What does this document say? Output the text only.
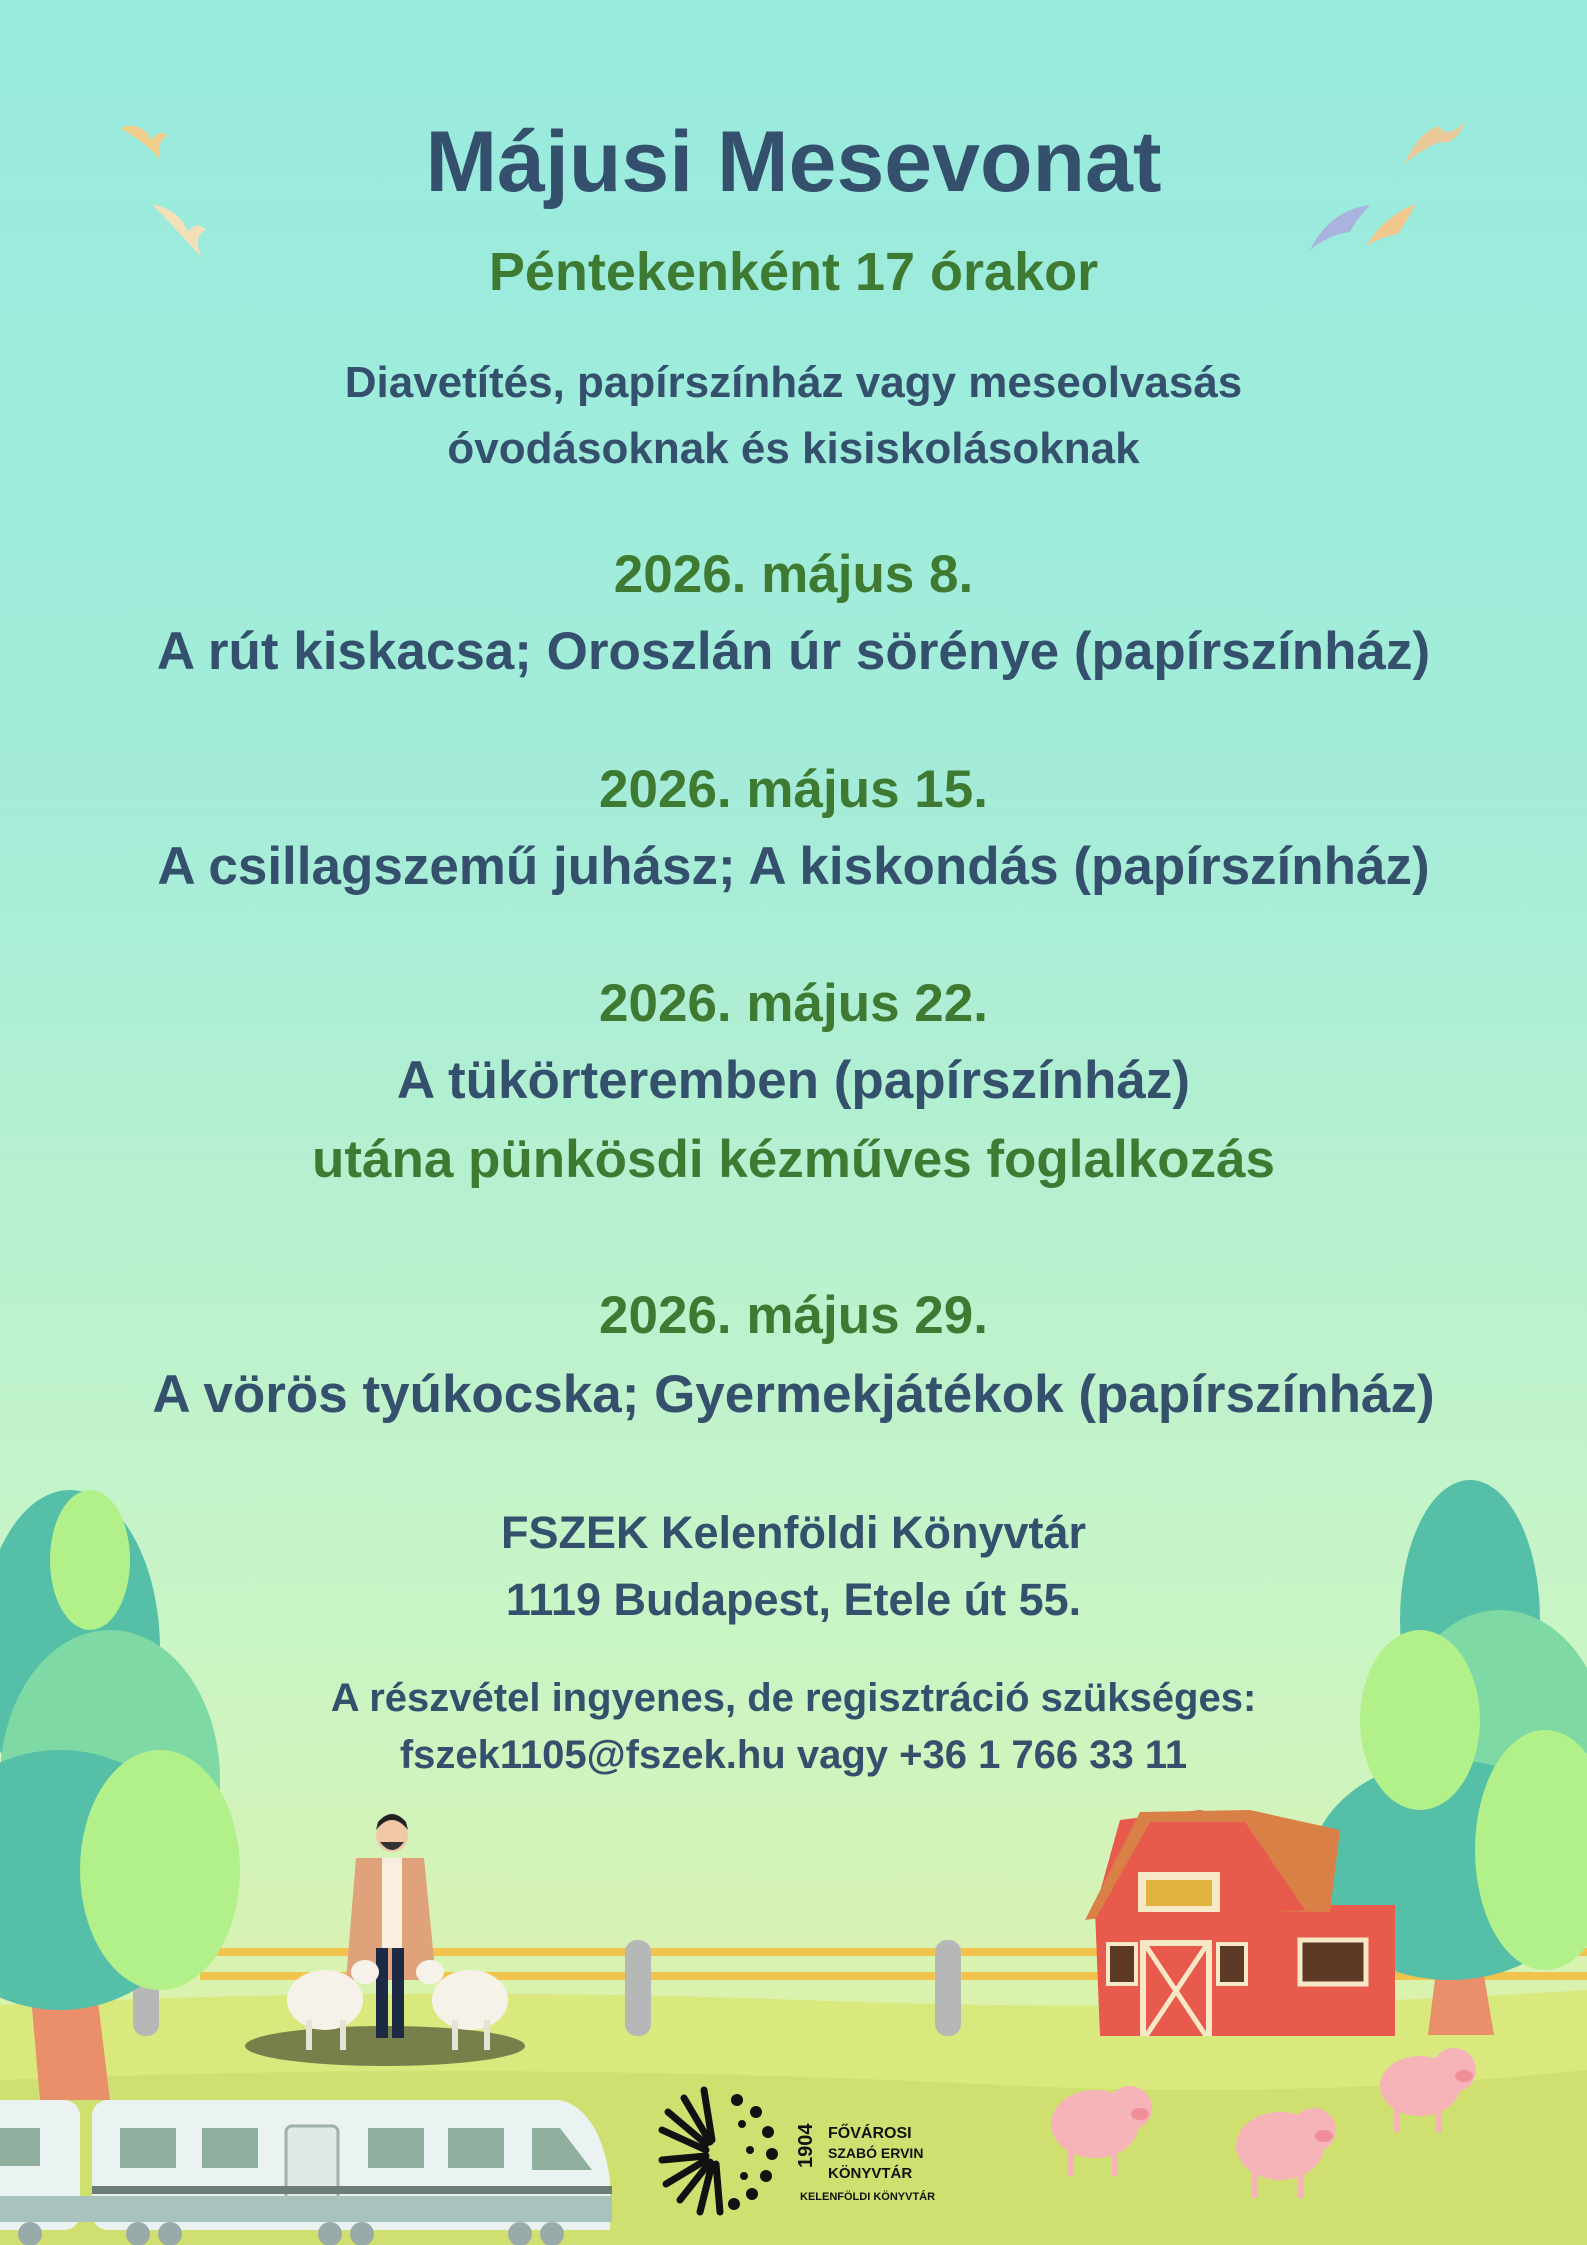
1904 FŐVÁROSI
SZABÓ ERVIN
KÖNYVTÁR
KELENFÖLDI KÖNYVTÁR
Májusi Mesevonat
Péntekenként 17 órakor
Diavetítés, papírszínház vagy meseolvasás
óvodásoknak és kisiskolásoknak
2026. május 8.
A rút kiskacsa; Oroszlán úr sörénye (papírszínház)
2026. május 15.
A csillagszemű juhász; A kiskondás (papírszínház)
2026. május 22.
A tükörteremben (papírszínház)
utána pünkösdi kézműves foglalkozás
2026. május 29.
A vörös tyúkocska; Gyermekjátékok (papírszínház)
FSZEK Kelenföldi Könyvtár
1119 Budapest, Etele út 55.
A részvétel ingyenes, de regisztráció szükséges:
fszek1105@fszek.hu vagy +36 1 766 33 11
